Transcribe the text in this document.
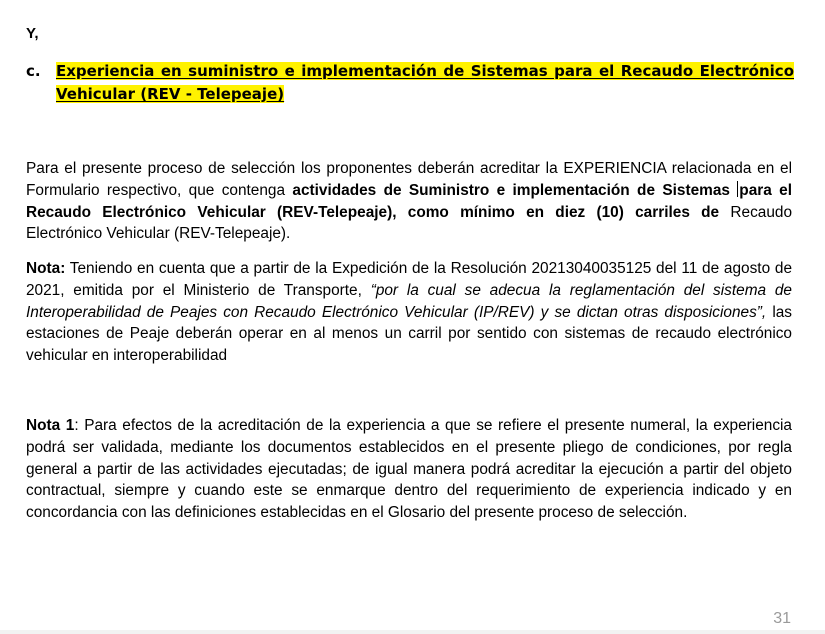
Y,
c. Experiencia en suministro e implementación de Sistemas para el Recaudo Electrónico Vehicular (REV - Telepeaje)
Para el presente proceso de selección los proponentes deberán acreditar la EXPERIENCIA relacionada en el Formulario respectivo, que contenga actividades de Suministro e implementación de Sistemas para el Recaudo Electrónico Vehicular (REV-Telepeaje), como mínimo en diez (10) carriles de Recaudo Electrónico Vehicular (REV-Telepeaje).
Nota: Teniendo en cuenta que a partir de la Expedición de la Resolución 20213040035125 del 11 de agosto de 2021, emitida por el Ministerio de Transporte, “por la cual se adecua la reglamentación del sistema de Interoperabilidad de Peajes con Recaudo Electrónico Vehicular (IP/REV) y se dictan otras disposiciones”, las estaciones de Peaje deberán operar en al menos un carril por sentido con sistemas de recaudo electrónico vehicular en interoperabilidad
Nota 1: Para efectos de la acreditación de la experiencia a que se refiere el presente numeral, la experiencia podrá ser validada, mediante los documentos establecidos en el presente pliego de condiciones, por regla general a partir de las actividades ejecutadas; de igual manera podrá acreditar la ejecución a partir del objeto contractual, siempre y cuando este se enmarque dentro del requerimiento de experiencia indicado y en concordancia con las definiciones establecidas en el Glosario del presente proceso de selección.
31
